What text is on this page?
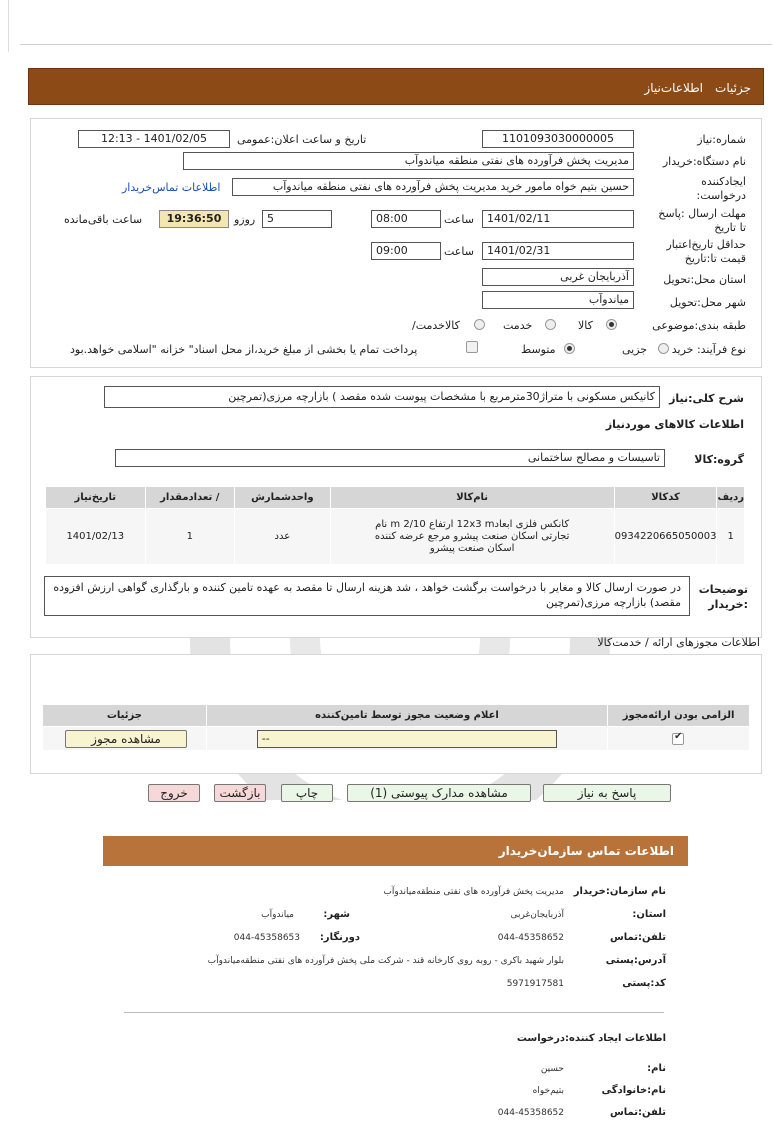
جزئیات
اطلاعات‌نیاز
شماره:نیاز
1101093030000005
تاریخ و ساعت اعلان:عمومی
1401/02/05 - 12:13
نام دستگاه:خریدار
مدیریت پخش فرآورده های نفتی منطقه میاندوآب
ایجادکننده درخواست:
حسین بتیم خواه مامور خرید مدیریت پخش فرآورده های نفتی منطقه میاندوآب
اطلاعات تماس‌خریدار
مهلت ارسال :پاسخ تا تاریخ
1401/02/11
ساعت
08:00
5
روزو
19:36:50
ساعت باقی‌مانده
حداقل تاریخ‌اعتبار قیمت تا:تاریخ
1401/02/31
ساعت
09:00
استان محل:تحویل
آذربایجان غربی
شهر محل:تحویل
میاندوآب
طبقه بندی:موضوعی
کالا
خدمت
کالاخدمت/
نوع فرآیند: خرید
جزیی
متوسط
پرداخت تمام یا بخشی از مبلغ خرید،از محل اسناد" خزانه "اسلامی خواهد.بود
شرح کلی:نیاز
کانیکس مسکونی با متراژ30مترمربع با مشخصات پیوست شده مقصد ) بازارچه مرزی(تمرچین
اطلاعات کالاهای موردنیاز
گروه:کالا
تاسیسات و مصالح ساختمانی
ردیف	کدکالا	نام‌کالا	واحدشمارش	/ تعدادمقدار	تاریخ‌نیاز
1	0934220665050003	کانکس فلزی ابعاد12x3 m ارتفاع 2/10 m نام تجارتی اسکان صنعت پیشرو مرجع عرضه کننده اسکان صنعت پیشرو	عدد	1	1401/02/13
توضیحات :خریدار
در صورت ارسال کالا و مغایر با درخواست برگشت خواهد ، شد هزینه ارسال تا مقصد به عهده تامین کننده و بارگذاری گواهی ارزش افزوده مقصد) بازارچه مرزی(تمرچین
اطلاعات مجوزهای ارائه / خدمت‌کالا
الزامی بودن ارائه‌مجوز	اعلام وضعیت مجوز توسط تامین‌کننده	جزئیات

✔	--	مشاهده مجوز
پاسخ به نیاز
مشاهده مدارک پیوستی (1)
چاپ
بازگشت
خروج
اطلاعات تماس سازمان‌خریدار
نام سازمان:خریدار
مدیریت پخش فرآورده های نفتی منطقه‌میاندوآب
استان:
آذربایجان‌غربی
شهر:
میاندوآب
تلفن:تماس
044-45358652
دورنگار:
044-45358653
آدرس:پستی
بلوار شهید باکری - روبه روی کارخانه قند - شرکت ملی پخش فرآورده های نفتی منطقه‌میاندوآب
کد:پستی
5971917581
اطلاعات ایجاد کننده:درخواست
نام:
حسین
نام:خانوادگی
بتیم‌خواه
تلفن:تماس
044-45358652
